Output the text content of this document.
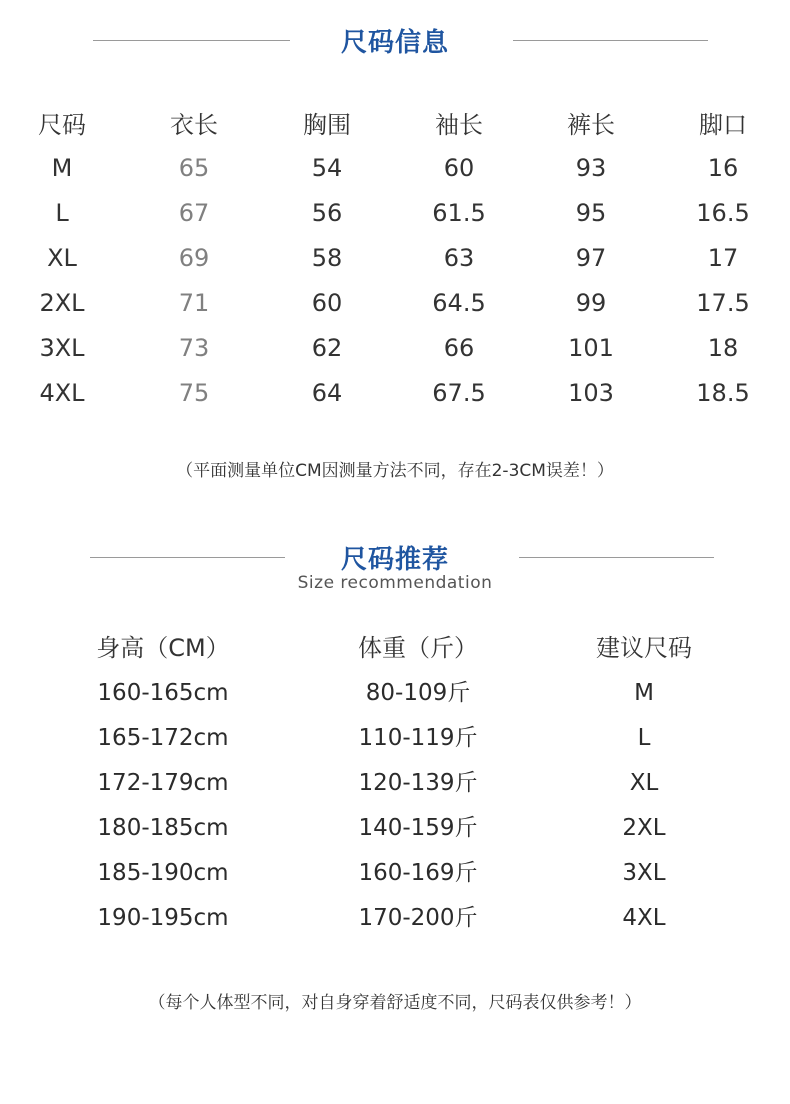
尺码信息
尺码	衣长	胸围	袖长	裤长	脚口
M	65	54	60	93	16
L	67	56	61.5	95	16.5
XL	69	58	63	97	17
2XL	71	60	64.5	99	17.5
3XL	73	62	66	101	18
4XL	75	64	67.5	103	18.5
（平面测量单位CM因测量方法不同，存在2-3CM误差！）
尺码推荐
Size recommendation
身高（CM）	体重（斤）	建议尺码
160-165cm	80-109斤	M
165-172cm	110-119斤	L
172-179cm	120-139斤	XL
180-185cm	140-159斤	2XL
185-190cm	160-169斤	3XL
190-195cm	170-200斤	4XL
（每个人体型不同，对自身穿着舒适度不同，尺码表仅供参考！）
